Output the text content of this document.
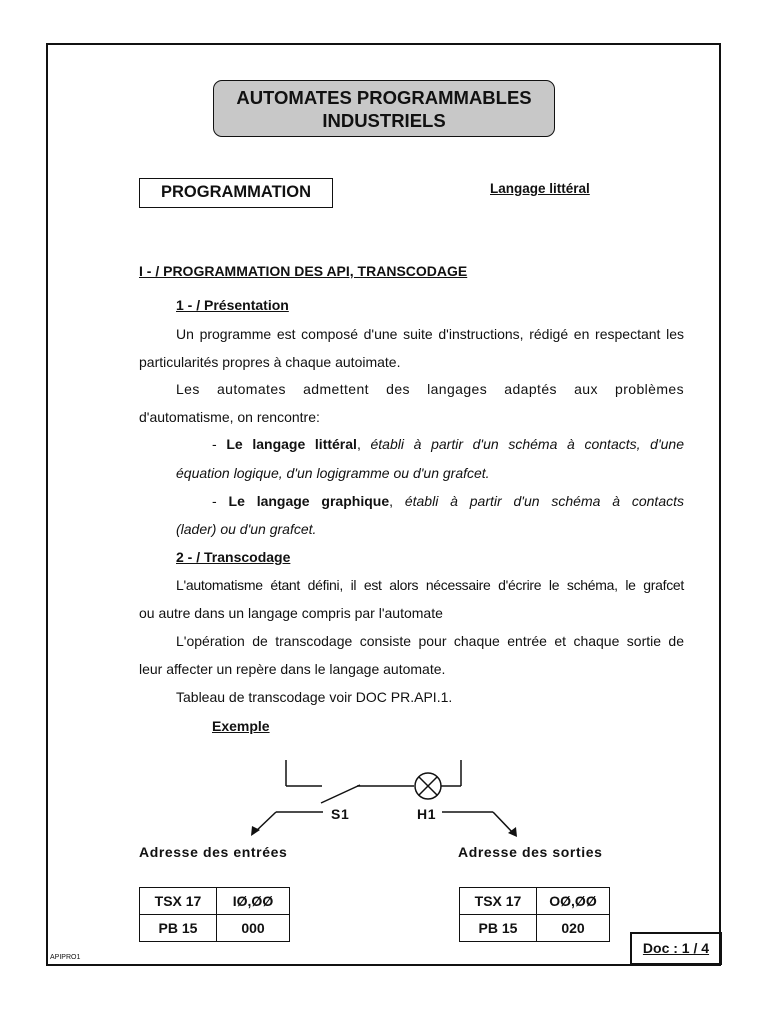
AUTOMATES PROGRAMMABLES
INDUSTRIELS
PROGRAMMATION	Langage littéral
I - / PROGRAMMATION DES API, TRANSCODAGE
1 - / Présentation
Un programme est composé d'une suite d'instructions, rédigé en respectant les
particularités propres à chaque autoimate.
Les automates admettent des langages adaptés aux problèmes
d'automatisme, on rencontre:
- Le langage littéral, établi à partir d'un schéma à contacts, d'une
équation logique, d'un logigramme ou d'un grafcet.
- Le langage graphique, établi à partir d'un schéma à contacts
(lader) ou d'un grafcet.
2 - / Transcodage
L'automatisme étant défini, il est alors nécessaire d'écrire le schéma, le grafcet
ou autre dans un langage compris par l'automate
L'opération de transcodage consiste pour chaque entrée et chaque sortie de
leur affecter un repère dans le langage automate.
Tableau de transcodage voir DOC PR.API.1.
Exemple
S1	H1
Adresse des entrées	Adresse des sorties
TSX 17	IØ,ØØ
PB 15	000
TSX 17	OØ,ØØ
PB 15	020
Doc : 1 / 4
APIPRO1
